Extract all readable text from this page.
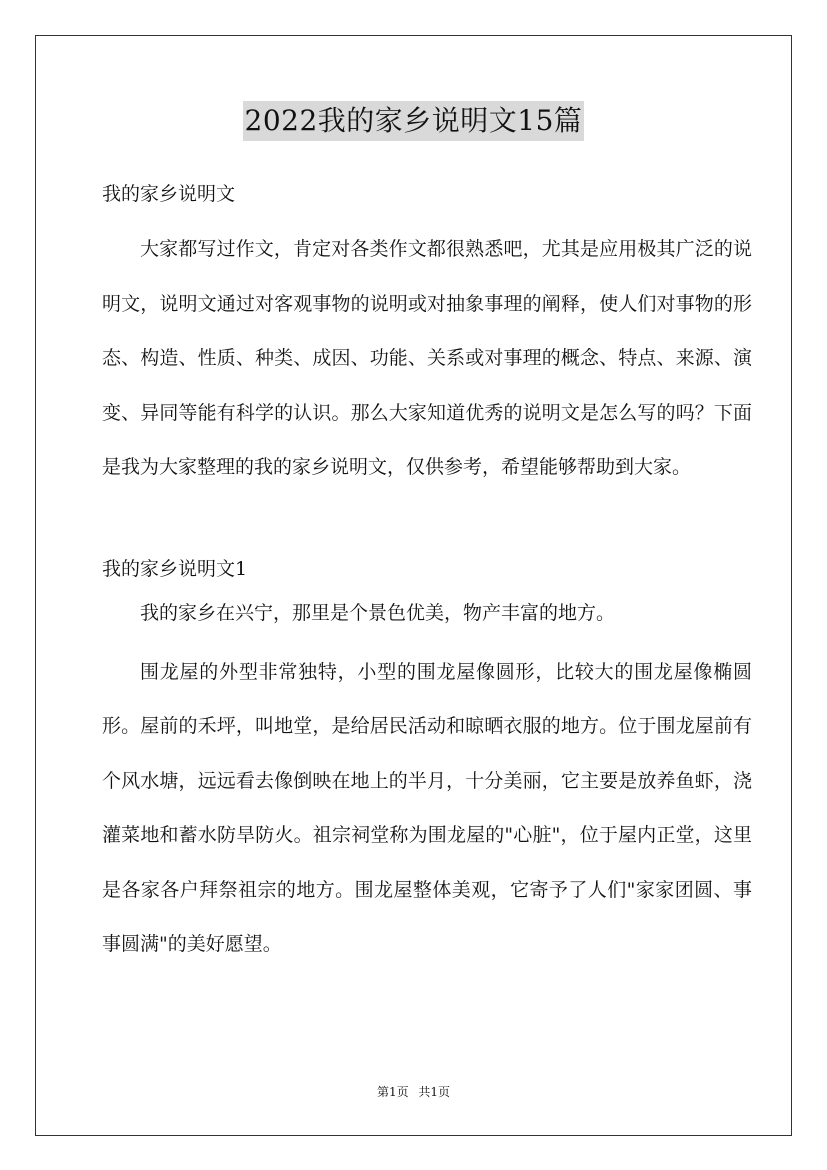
2022我的家乡说明文15篇

我的家乡说明文

大家都写过作文，肯定对各类作文都很熟悉吧，尤其是应用极其广泛的说明文，说明文通过对客观事物的说明或对抽象事理的阐释，使人们对事物的形态、构造、性质、种类、成因、功能、关系或对事理的概念、特点、来源、演变、异同等能有科学的认识。那么大家知道优秀的说明文是怎么写的吗？下面是我为大家整理的我的家乡说明文，仅供参考，希望能够帮助到大家。

我的家乡说明文1

我的家乡在兴宁，那里是个景色优美，物产丰富的地方。

围龙屋的外型非常独特，小型的围龙屋像圆形，比较大的围龙屋像椭圆形。屋前的禾坪，叫地堂，是给居民活动和晾晒衣服的地方。位于围龙屋前有个风水塘，远远看去像倒映在地上的半月，十分美丽，它主要是放养鱼虾，浇灌菜地和蓄水防旱防火。祖宗祠堂称为围龙屋的"心脏"，位于屋内正堂，这里是各家各户拜祭祖宗的地方。围龙屋整体美观，它寄予了人们"家家团圆、事事圆满"的美好愿望。

第1页 共1页
